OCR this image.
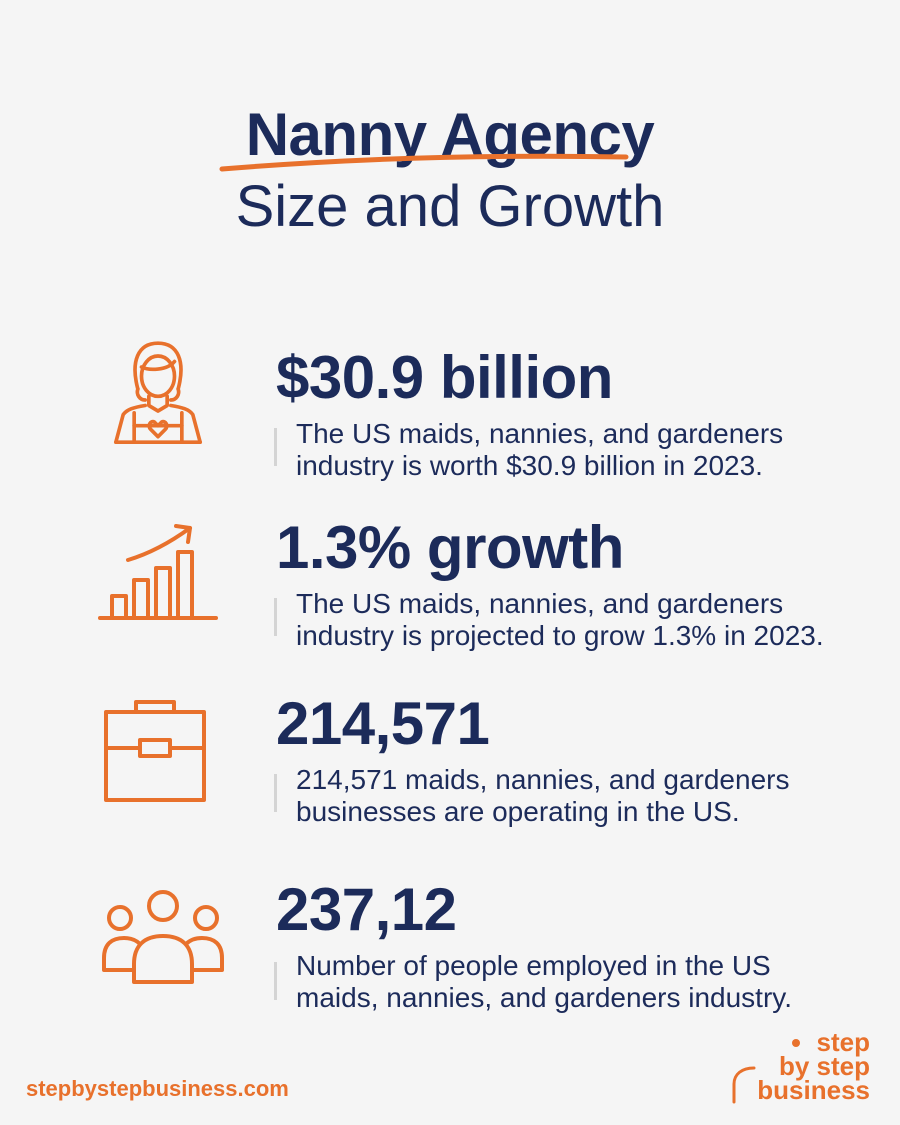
Nanny Agency
Size and Growth
$30.9 billion
The US maids, nannies, and gardeners
industry is worth $30.9 billion in 2023.
1.3% growth
The US maids, nannies, and gardeners
industry is projected to grow 1.3% in 2023.
214,571
214,571 maids, nannies, and gardeners
businesses are operating in the US.
237,12
Number of people employed in the US
maids, nannies, and gardeners industry.
stepbystepbusiness.com
step
by step
business
